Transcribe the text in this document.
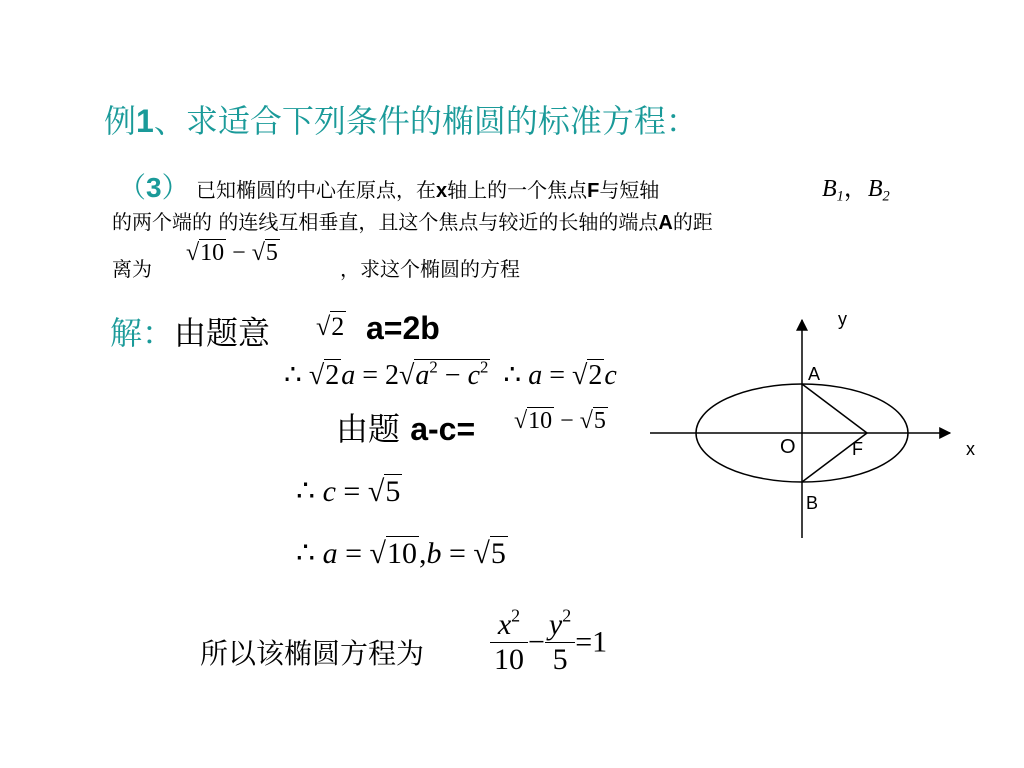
例1、求适合下列条件的椭圆的标准方程：
（3） 已知椭圆的中心在原点，在x轴上的一个焦点F与短轴	$B_1$，$B_2$
的两个端的 的连线互相垂直，且这个焦点与较近的长轴的端点A的距
离为
√10 − √5
，求这个椭圆的方程
解：由题意 √2 a=2b
∴ $√2a = 2√a^2 - c^2$ ∴ a = √2c
由题 a-c= √10 − √5
∴ c = √5
∴ a = √10,b = √5
所以该椭圆方程为 $\frac{x^2}{10} - \frac{y^2}{5} =1$
y
x
A
O	F
B
